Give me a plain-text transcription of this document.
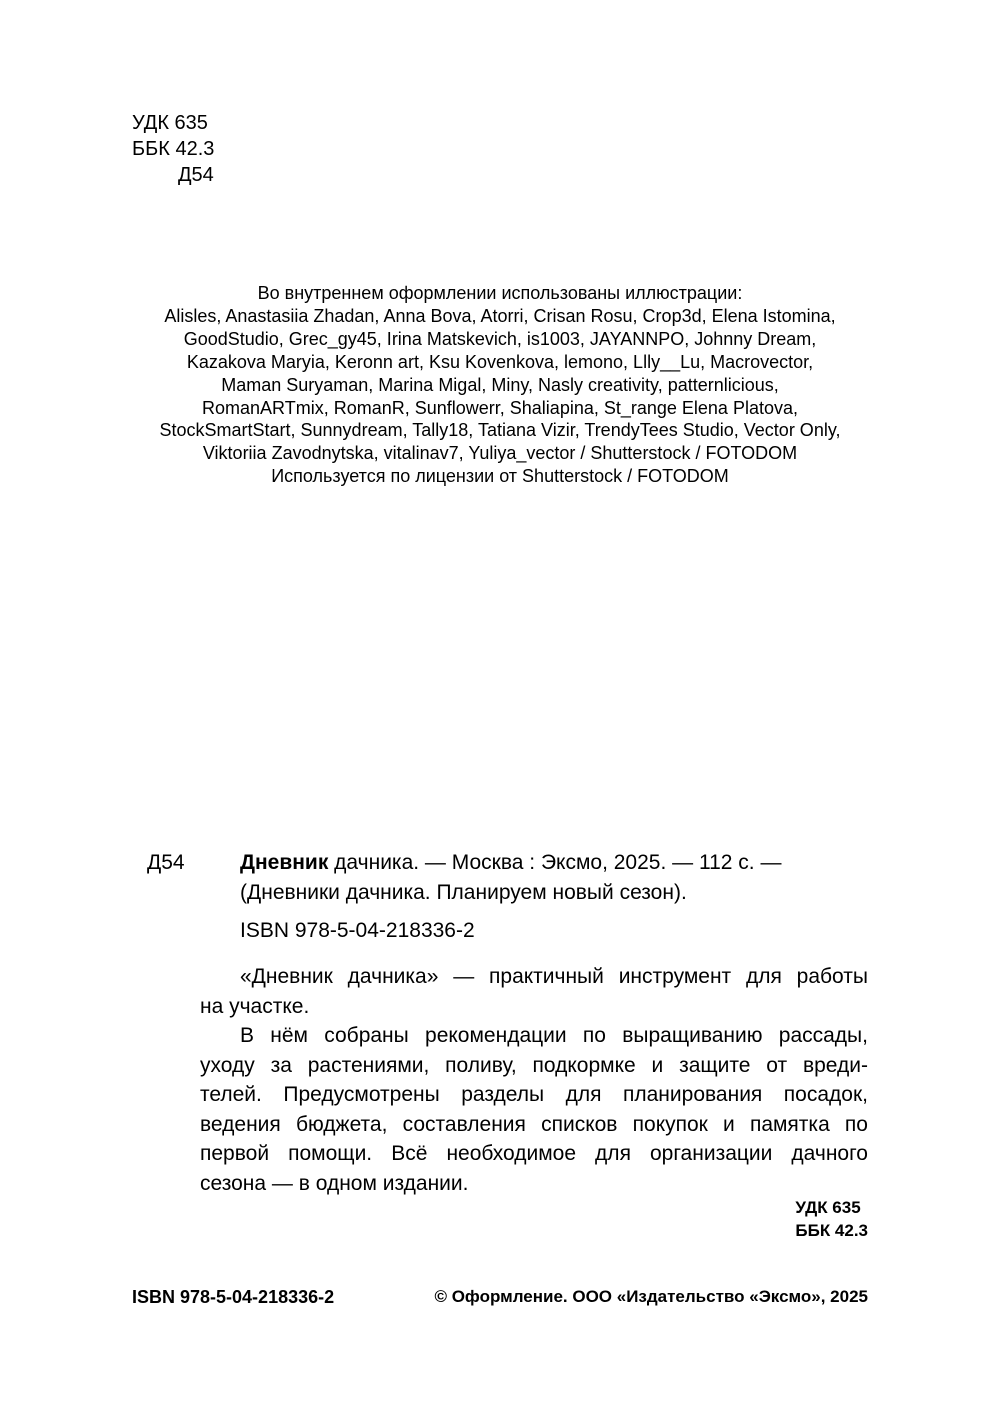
УДК 635
ББК 42.3
Д54
Во внутреннем оформлении использованы иллюстрации:
Alisles, Anastasiia Zhadan, Anna Bova, Atorri, Crisan Rosu, Crop3d, Elena Istomina,
GoodStudio, Grec_gy45, Irina Matskevich, is1003, JAYANNPO, Johnny Dream,
Kazakova Maryia, Keronn art, Ksu Kovenkova, lemono, Llly__Lu, Macrovector,
Maman Suryaman, Marina Migal, Miny, Nasly creativity, patternlicious,
RomanARTmix, RomanR, Sunflowerr, Shaliapina, St_range Elena Platova,
StockSmartStart, Sunnydream, Tally18, Tatiana Vizir, TrendyTees Studio, Vector Only,
Viktoriia Zavodnytska, vitalinav7, Yuliya_vector / Shutterstock / FOTODOM
Используется по лицензии от Shutterstock / FOTODOM
Д54	Дневник дачника. — Москва : Эксмо, 2025. — 112 с. —
(Дневники дачника. Планируем новый сезон).
ISBN 978-5-04-218336-2
«Дневник дачника» — практичный инструмент для работы
на участке.
В нём собраны рекомендации по выращиванию рассады,
уходу за растениями, поливу, подкормке и защите от вреди-
телей. Предусмотрены разделы для планирования посадок,
ведения бюджета, составления списков покупок и памятка по
первой помощи. Всё необходимое для организации дачного
сезона — в одном издании.
УДК 635
ББК 42.3
ISBN 978-5-04-218336-2	© Оформление. ООО «Издательство «Эксмо», 2025
